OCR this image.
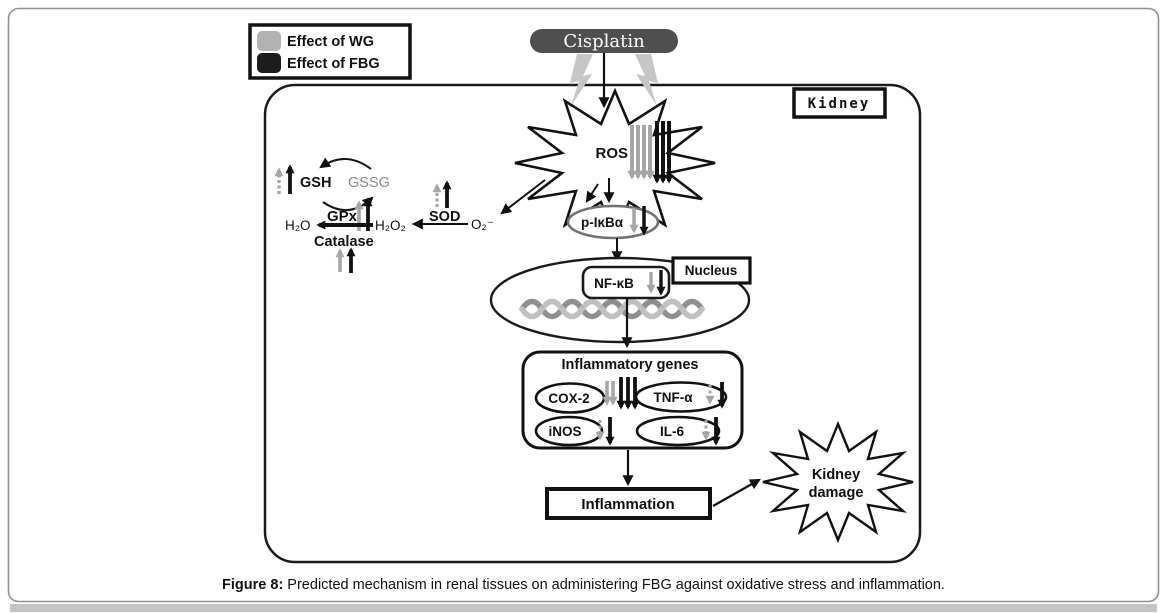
Effect of WG
Effect of FBG
Cisplatin
ROS
GSH GSSG
GPx
H₂O	H₂O₂
Catalase
SOD O₂⁻	p-IκBα
NF-κB
Nucleus
Inflammatory genes
COX-2	TNF-α
iNOS	IL-6
Inflammation
Kidney
damage
Kidney
Figure 8: Predicted mechanism in renal tissues on administering FBG against oxidative stress and inflammation.
